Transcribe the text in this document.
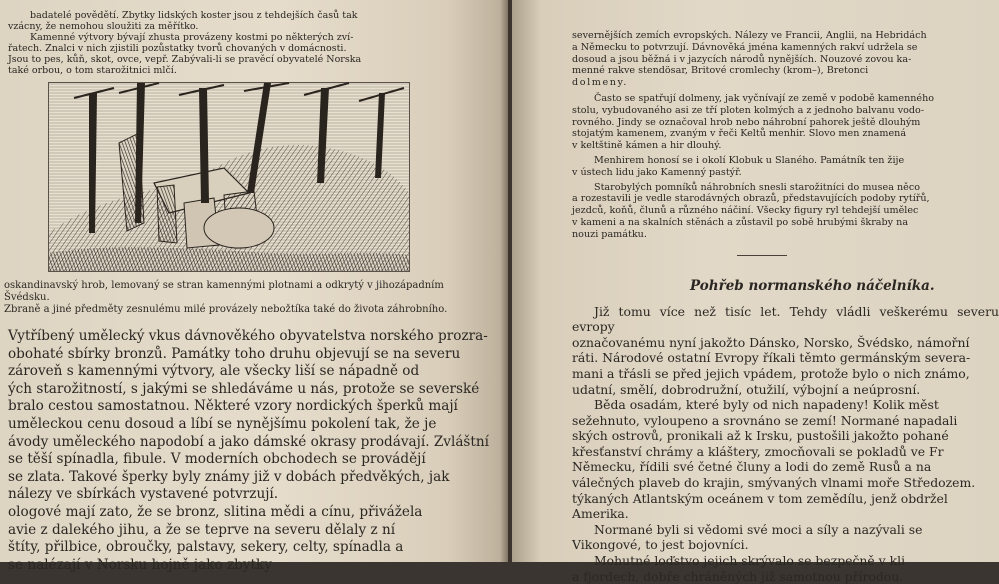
badatelé povědětí. Zbytky lidských koster jsou z tehdejších časů tak

vzácny, že nemohou sloužiti za měřítko.

Kamenné výtvory bývají zhusta provázeny kostmi po některých zví-

řatech. Znalci v nich zjistili pozůstatky tvorů chovaných v domácnosti.

Jsou to pes, kůň, skot, ovce, vepř. Zabývali-li se pravěcí obyvatelé Norska

také orbou, o tom starožitnici mlčí.

oskandinavský hrob, lemovaný se stran kamennými plotnami a odkrytý v jihozápadním Švédsku.

Zbraně a jiné předměty zesnulému milé provázely nebožtíka také do života záhrobního.

Vytříbený umělecký vkus dávnověkého obyvatelstva norského prozra-

obohaté sbírky bronzů. Památky toho druhu objevují se na severu

zároveň s kamennými výtvory, ale všecky liší se nápadně od

ých starožitností, s jakými se shledáváme u nás, protože se severské

bralo cestou samostatnou. Některé vzory nordických šperků mají

uměleckou cenu dosoud a líbí se nynějšímu pokolení tak, že je

ávody uměleckého napodobí a jako dámské okrasy prodávají. Zvláštní

se těší spínadla, fibule. V moderních obchodech se provádějí

se zlata. Takové šperky byly známy již v dobách předvěkých, jak

nálezy ve sbírkách vystavené potvrzují.

ologové mají zato, že se bronz, slitina mědi a cínu, přivážela

avie z dalekého jihu, a že se teprve na severu dělaly z ní

štíty, přilbice, obroučky, palstavy, sekery, celty, spínadla a

se nalézají v Norsku hojně jako zbytky

severnějších zemích evropských. Nálezy ve Francii, Anglii, na Hebridách

a Německu to potvrzují. Dávnověká jména kamenných rakví udržela se

dosoud a jsou běžná i v jazycích národů nynějších. Nouzové zovou ka-

menné rakve stendösar, Britové cromlechy (krom–), Bretonci

dolmeny.

Často se spatřují dolmeny, jak vyčnívají ze země v podobě kamenného

stolu, vybudovaného asi ze tří ploten kolmých a z jednoho balvanu vodo-

rovného. Jindy se označoval hrob nebo náhrobní pahorek ještě dlouhým

stojatým kamenem, zvaným v řeči Keltů menhir. Slovo men znamená

v keltštině kámen a hir dlouhý.

Menhirem honosí se i okolí Klobuk u Slaného. Památník ten žije

v ústech lidu jako Kamenný pastýř.

Starobylých pomníků náhrobních snesli starožitníci do musea něco

a rozestavili je vedle starodávných obrazů, představujících podoby rytířů,

jezdců, koňů, člunů a různého náčiní. Všecky figury ryl tehdejší umělec

v kameni a na skalních stěnách a zůstavil po sobě hrubými škraby na

nouzi památku.

Pohřeb normanského náčelníka.

Již tomu více než tisíc let. Tehdy vládli veškerému severu evropy

označovanému nyní jakožto Dánsko, Norsko, Švédsko, námořní

ráti. Národové ostatní Evropy říkali těmto germánským severa-

mani a třásli se před jejich vpádem, protože bylo o nich známo,

udatní, smělí, dobrodružní, otužilí, výbojní a neúprosní.

Běda osadám, které byly od nich napadeny! Kolik měst

sežehnuto, vyloupeno a srovnáno se zemí! Normané napadali

ských ostrovů, pronikali až k Irsku, pustošili jakožto pohané

křesťanství chrámy a kláštery, zmocňovali se pokladů ve Fr

Německu, řídili své četné čluny a lodi do země Rusů a na

válečných plaveb do krajin, smývaných vlnami moře Středozem.

týkaných Atlantským oceánem v tom zemědílu, jenž obdržel

Amerika.

Normané byli si vědomi své moci a síly a nazývali se

Vikongové, to jest bojovníci.

Mohutné loďstvo jejich skrývalo se bezpečně v kli

a fjordech, dobře chráněných již samotnou přírodou.
